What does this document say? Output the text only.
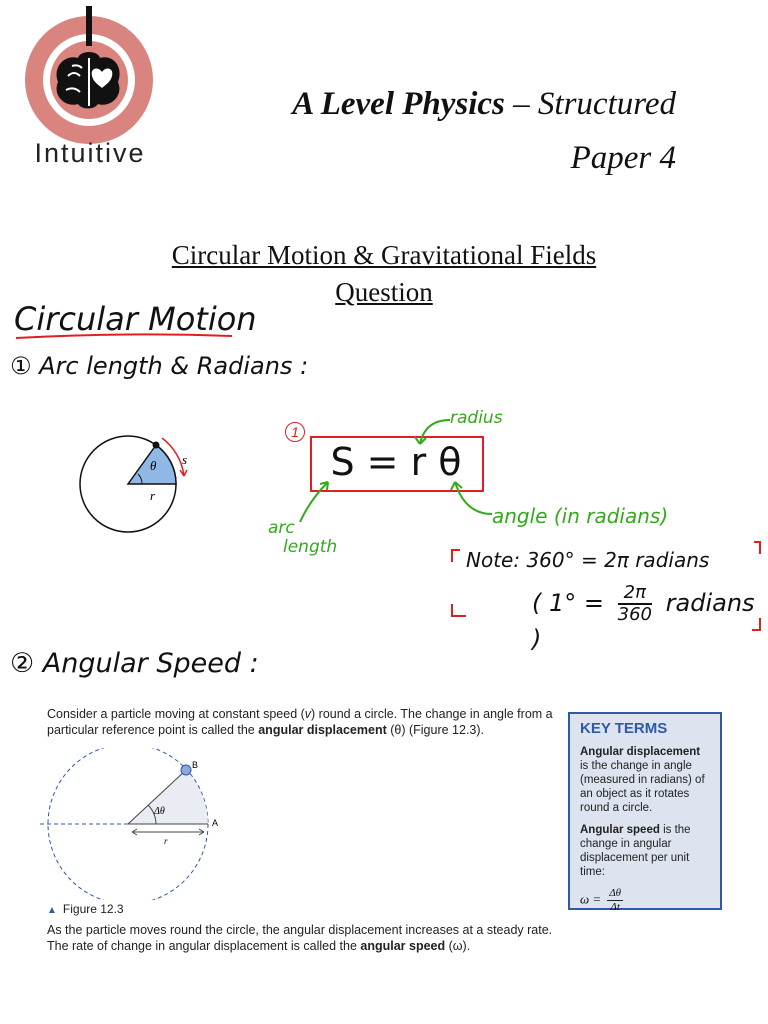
Intuitive
A Level Physics – Structured
Paper 4
Circular Motion & Gravitational Fields
Question
Circular Motion
① Arc length & Radians :
θ
r
s
1
S = r θ
radius
angle (in radians)
arc
length
Note: 360° = 2π radians
( $1^\circ = \frac{2\pi}{360}$ radians )
② Angular Speed :
Consider a particle moving at constant speed (v) round a circle. The change in angle from a particular reference point is called the angular displacement (θ) (Figure 12.3).
B
A
Δθ
r
▲ Figure 12.3
As the particle moves round the circle, the angular displacement increases at a steady rate. The rate of change in angular displacement is called the angular speed (ω).
KEY TERMS

Angular displacement is the change in angle (measured in radians) of an object as it rotates round a circle.

Angular speed is the change in angular displacement per unit time:

$\omega = \frac{\Delta\theta}{\Delta t}$
